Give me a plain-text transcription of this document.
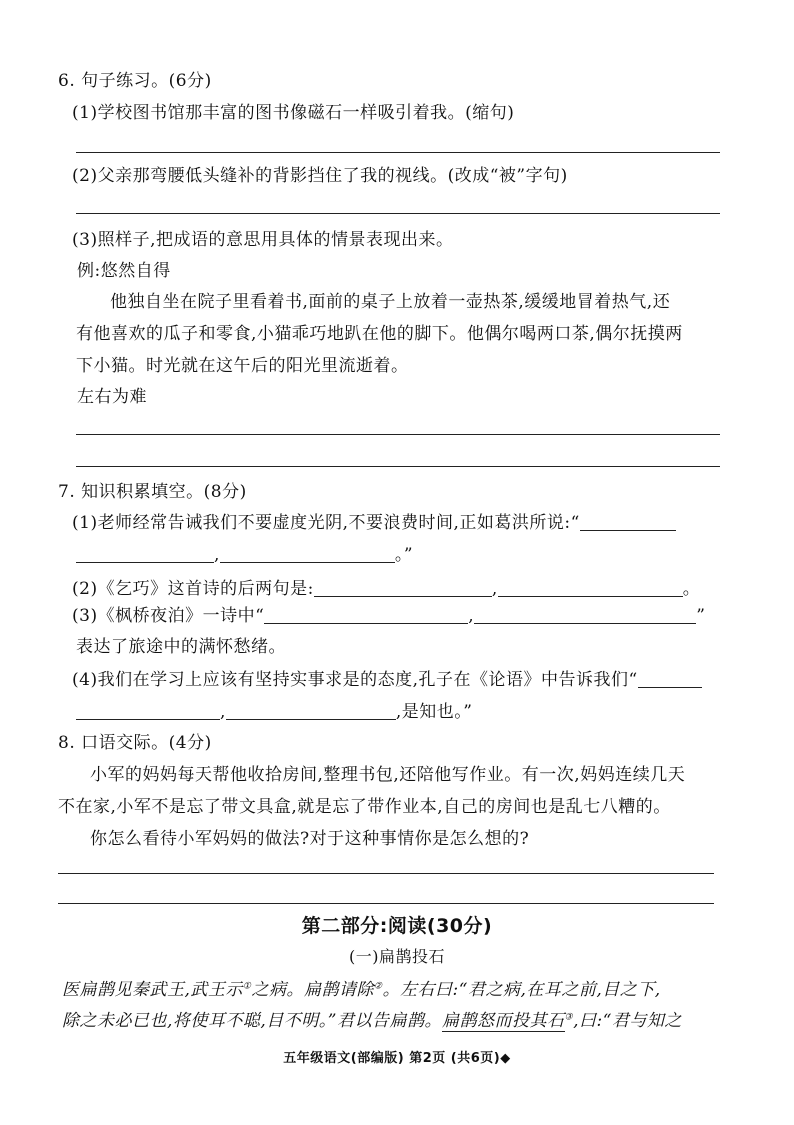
6. 句子练习。(6分)
(1)学校图书馆那丰富的图书像磁石一样吸引着我。(缩句)
(2)父亲那弯腰低头缝补的背影挡住了我的视线。(改成“被”字句)
(3)照样子,把成语的意思用具体的情景表现出来。
例:悠然自得
他独自坐在院子里看着书,面前的桌子上放着一壶热茶,缓缓地冒着热气,还
有他喜欢的瓜子和零食,小猫乖巧地趴在他的脚下。他偶尔喝两口茶,偶尔抚摸两
下小猫。时光就在这午后的阳光里流逝着。
左右为难
7. 知识积累填空。(8分)
(1)老师经常告诫我们不要虚度光阴,不要浪费时间,正如葛洪所说:“
,	。”
(2)《乞巧》这首诗的后两句是:	,	。
(3)《枫桥夜泊》一诗中“	,	”
表达了旅途中的满怀愁绪。
(4)我们在学习上应该有坚持实事求是的态度,孔子在《论语》中告诉我们“
,	,是知也。”
8. 口语交际。(4分)
小军的妈妈每天帮他收拾房间,整理书包,还陪他写作业。有一次,妈妈连续几天
不在家,小军不是忘了带文具盒,就是忘了带作业本,自己的房间也是乱七八糟的。
你怎么看待小军妈妈的做法?对于这种事情你是怎么想的?
第二部分:阅读(30分)
(一)扁鹊投石
医扁鹊见秦武王,武王示①之病。扁鹊请除②。左右曰:“君之病,在耳之前,目之下,
除之未必已也,将使耳不聪,目不明。”君以告扁鹊。扁鹊怒而投其石③,曰:“君与知之
五年级语文(部编版) 第2页 (共6页)◆
